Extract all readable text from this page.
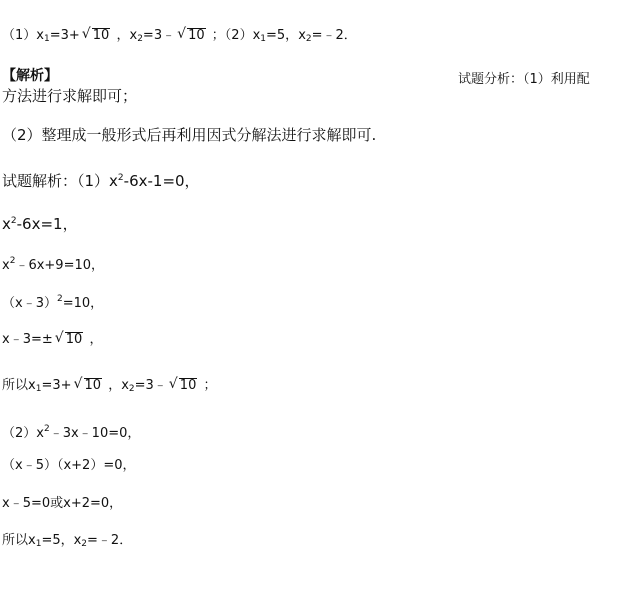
$(1)x_1=3+√$ 10 ，$x_2=3﹣√$ 10 ；$(2)x_1=5$，$x_2=﹣2$．
【解析】	试题分析：（1）利用配
方法进行求解即可；
（2）整理成一般形式后再利用因式分解法进行求解即可.
试题解析：$(1)x^2-6x-1=0$，
$x^2-6x=1$，
$x^2﹣6x+9=10$，
（x﹣3）$^2$=10，
x﹣3=±√ 10 ，
所以$x_1=3+√$ 10 ，$x_2=3﹣√$ 10 ；
$(2)x^2﹣3x﹣10=0$，
（x﹣5）（x+2）=0，
x﹣5=0或x+2=0，
所以$x_1=5$，$x_2=﹣2$．
